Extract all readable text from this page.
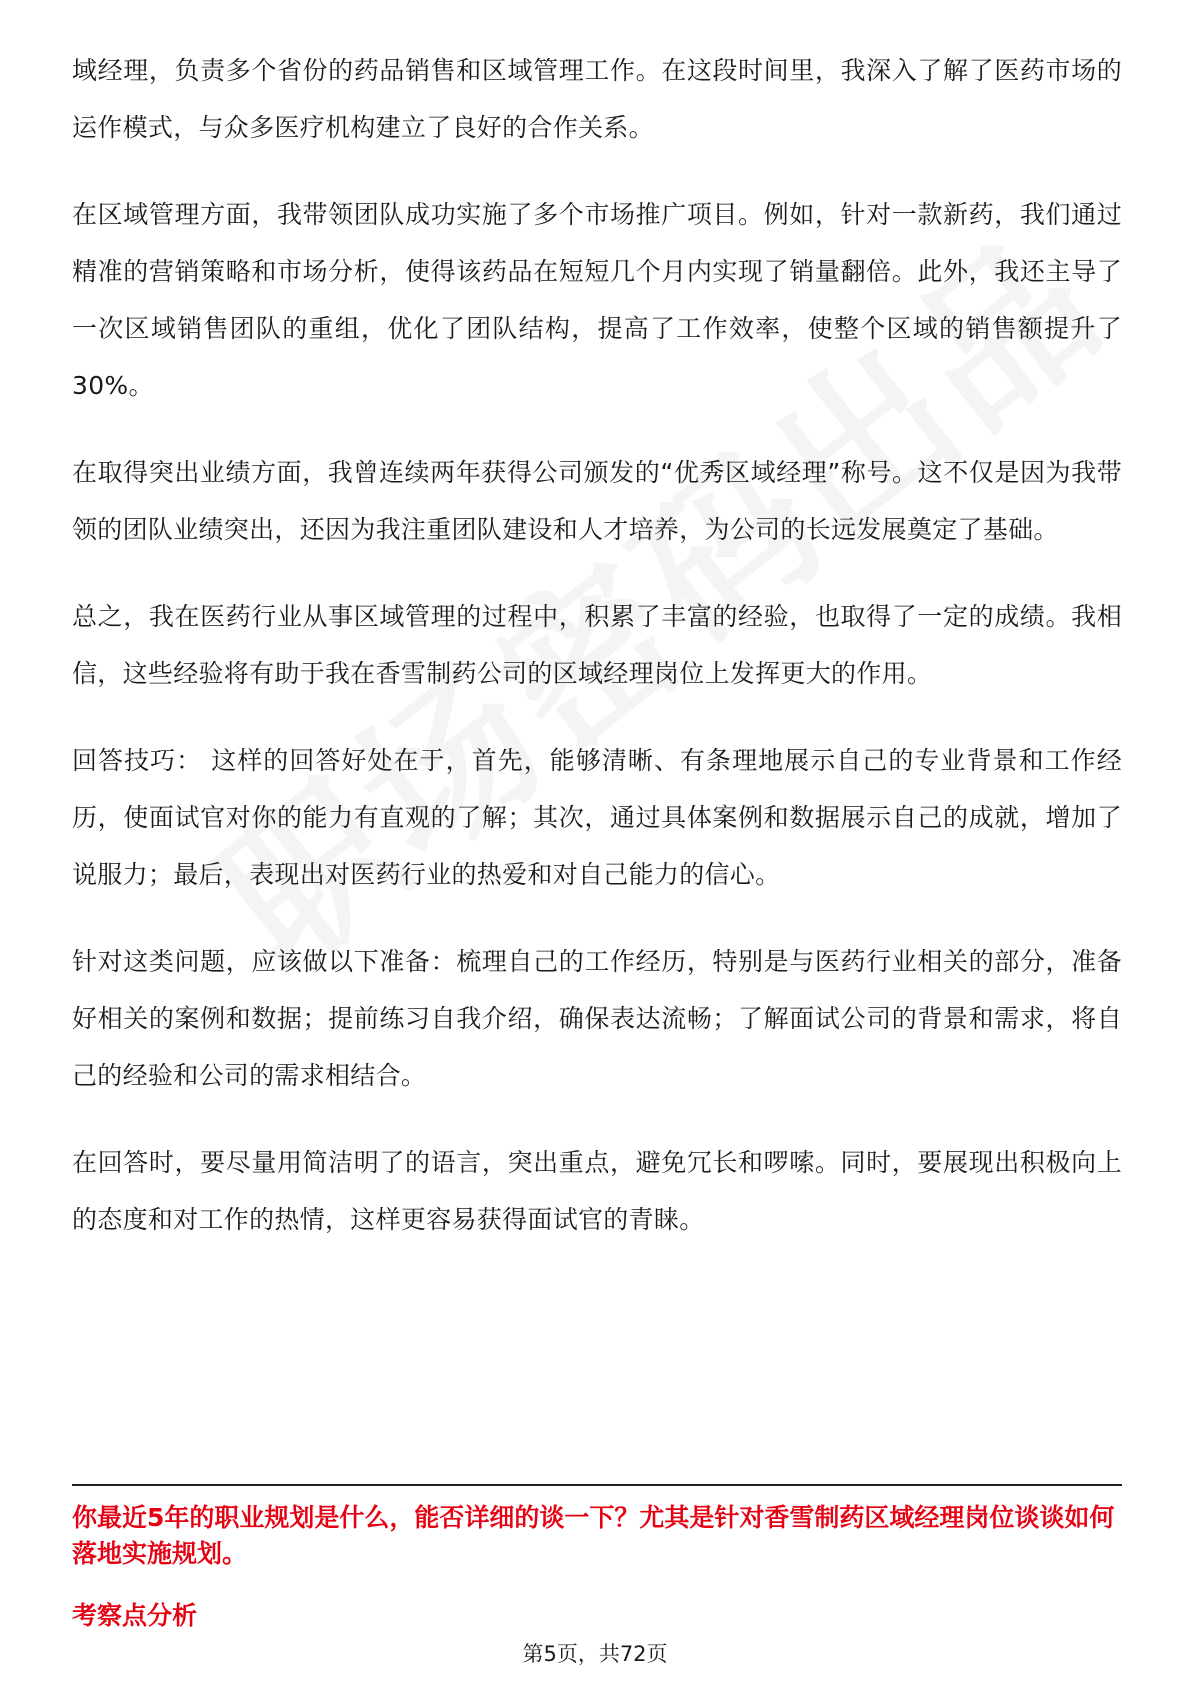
域经理，负责多个省份的药品销售和区域管理工作。在这段时间里，我深入了解了医药市场的运作模式，与众多医疗机构建立了良好的合作关系。

在区域管理方面，我带领团队成功实施了多个市场推广项目。例如，针对一款新药，我们通过精准的营销策略和市场分析，使得该药品在短短几个月内实现了销量翻倍。此外，我还主导了一次区域销售团队的重组，优化了团队结构，提高了工作效率，使整个区域的销售额提升了30%。

在取得突出业绩方面，我曾连续两年获得公司颁发的“优秀区域经理”称号。这不仅是因为我带领的团队业绩突出，还因为我注重团队建设和人才培养，为公司的长远发展奠定了基础。

总之，我在医药行业从事区域管理的过程中，积累了丰富的经验，也取得了一定的成绩。我相信，这些经验将有助于我在香雪制药公司的区域经理岗位上发挥更大的作用。

回答技巧： 这样的回答好处在于，首先，能够清晰、有条理地展示自己的专业背景和工作经历，使面试官对你的能力有直观的了解；其次，通过具体案例和数据展示自己的成就，增加了说服力；最后，表现出对医药行业的热爱和对自己能力的信心。

针对这类问题，应该做以下准备：梳理自己的工作经历，特别是与医药行业相关的部分，准备好相关的案例和数据；提前练习自我介绍，确保表达流畅；了解面试公司的背景和需求，将自己的经验和公司的需求相结合。

在回答时，要尽量用简洁明了的语言，突出重点，避免冗长和啰嗦。同时，要展现出积极向上的态度和对工作的热情，这样更容易获得面试官的青睐。

你最近5年的职业规划是什么，能否详细的谈一下？尤其是针对香雪制药区域经理岗位谈谈如何落地实施规划。

考察点分析

第5页，共72页
